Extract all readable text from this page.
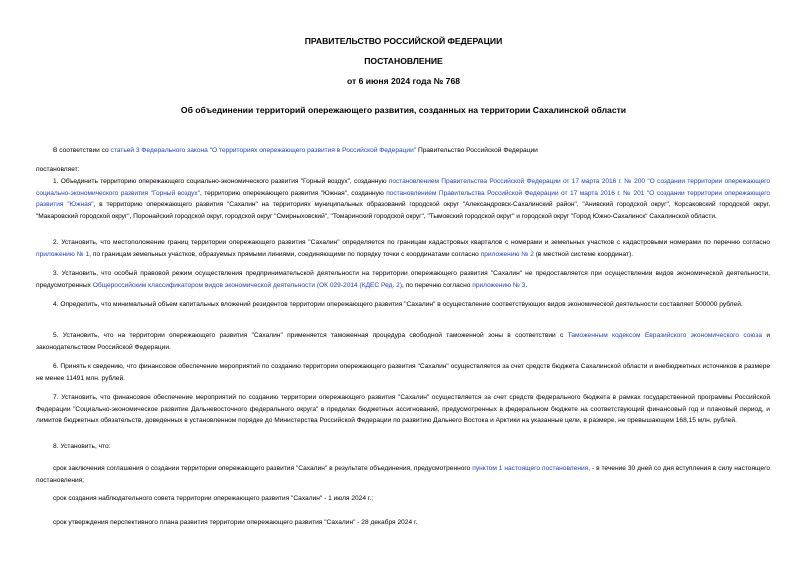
ПРАВИТЕЛЬСТВО РОССИЙСКОЙ ФЕДЕРАЦИИ
ПОСТАНОВЛЕНИЕ
от 6 июня 2024 года № 768
Об объединении территорий опережающего развития, созданных на территории Сахалинской области
В соответствии со статьей 3 Федерального закона "О территориях опережающего развития в Российской Федерации" Правительство Российской Федерации
постановляет:
1. Объединить территорию опережающего социально-экономического развития "Горный воздух", созданную постановлением Правительства Российской Федерации от 17 марта 2016 г. № 200 "О создании территории опережающего социально-экономического развития "Горный воздух", территорию опережающего развития "Южная", созданную постановлением Правительства Российской Федерации от 17 марта 2016 г. № 201 "О создании территории опережающего развития "Южная", в территорию опережающего развития "Сахалин" на территориях муниципальных образований городской округ "Александровск-Сахалинский район", "Анивский городской округ", Корсаковский городской округ, "Макаровский городской округ", Поронайский городской округ, городской округ "Смирныховский", "Томаринский городской округ", "Тымовский городской округ" и городской округ "Город Южно-Сахалинск" Сахалинской области.
2. Установить, что местоположение границ территории опережающего развития "Сахалин" определяется по границам кадастровых кварталов с номерами и земельных участков с кадастровыми номерами по перечню согласно приложению № 1, по границам земельных участков, образуемых прямыми линиями, соединяющими по порядку точки с координатами согласно приложению № 2 (в местной системе координат).
3. Установить, что особый правовой режим осуществления предпринимательской деятельности на территории опережающего развития "Сахалин" не предоставляется при осуществлении видов экономической деятельности, предусмотренных Общероссийским классификатором видов экономической деятельности (ОК 029-2014 (КДЕС Ред. 2), по перечню согласно приложению № 3.
4. Определить, что минимальный объем капитальных вложений резидентов территории опережающего развития "Сахалин" в осуществление соответствующих видов экономической деятельности составляет 500000 рублей.
5. Установить, что на территории опережающего развития "Сахалин" применяется таможенная процедура свободной таможенной зоны в соответствии с Таможенным кодексом Евразийского экономического союза и законодательством Российской Федерации.
6. Принять к сведению, что финансовое обеспечение мероприятий по созданию территории опережающего развития "Сахалин" осуществляется за счет средств бюджета Сахалинской области и внебюджетных источников в размере не менее 11491 млн. рублей.
7. Установить, что финансовое обеспечение мероприятий по созданию территории опережающего развития "Сахалин" осуществляется за счет средств федерального бюджета в рамках государственной программы Российской Федерации "Социально-экономическое развитие Дальневосточного федерального округа" в пределах бюджетных ассигнований, предусмотренных в федеральном бюджете на соответствующий финансовый год и плановый период, и лимитов бюджетных обязательств, доведенных в установленном порядке до Министерства Российской Федерации по развитию Дальнего Востока и Арктики на указанные цели, в размере, не превышающем 168,15 млн. рублей.
8. Установить, что:
срок заключения соглашения о создании территории опережающего развития "Сахалин" в результате объединения, предусмотренного пунктом 1 настоящего постановления, - в течение 30 дней со дня вступления в силу настоящего постановления;
срок создания наблюдательного совета территории опережающего развития "Сахалин" - 1 июля 2024 г.;
срок утверждения перспективного плана развития территории опережающего развития "Сахалин" - 28 декабря 2024 г.
